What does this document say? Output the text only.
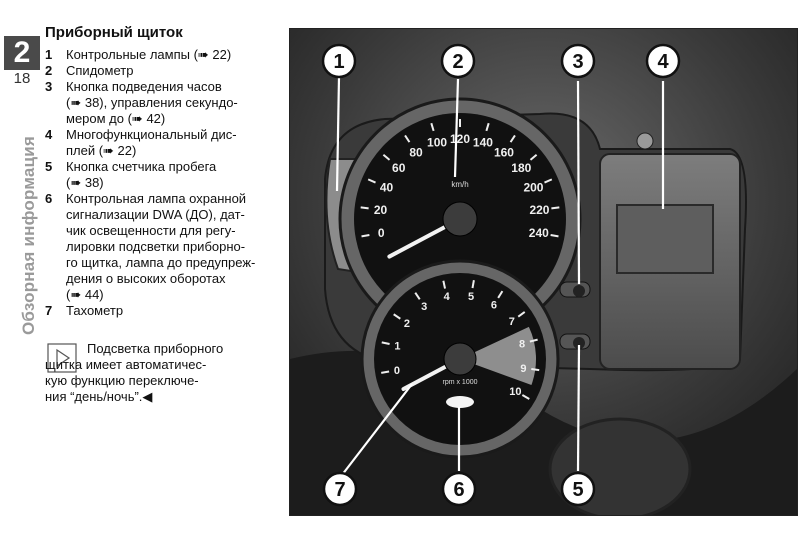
2
18
Обзорная информация
Приборный щиток
1 Контрольные лампы (➠ 22)
2 Спидометр
3 Кнопка подведения часов
(➠ 38), управления секундо-
мером до (➠ 42)
4 Многофункциональный дис-
плей (➠ 22)
5 Кнопка счетчика пробега
(➠ 38)
6 Контрольная лампа охранной
сигнализации DWA (ДО), дат-
чик освещенности для регу-
лировки подсветки приборно-
го щитка, лампа до предупреж-
дения о высоких оборотах
(➠ 44)
7 Тахометр
Подсветка приборного
щитка имеет автоматичес-
кую функцию переключе-
ния “день/ночь”.◀
0
20
40
60
80
100 120 140
160
180
200
220
240
km/h
0
1
2
3
4 5
6
7
8
9
10
rpm x 1000
1	2	3	4
5
6
7
